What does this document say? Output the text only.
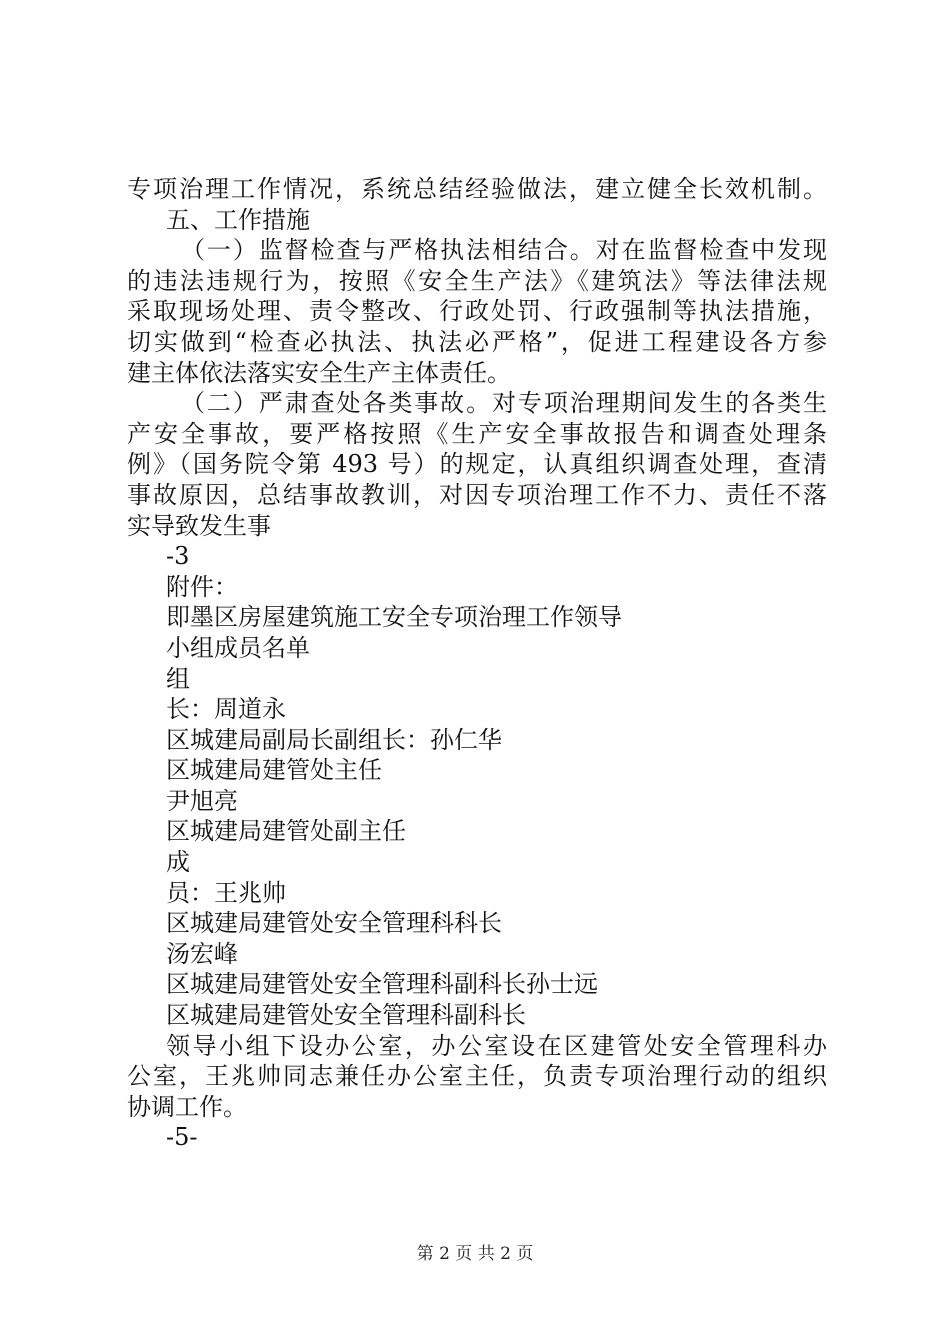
专项治理工作情况，系统总结经验做法，建立健全长效机制。
五、工作措施
（一）监督检查与严格执法相结合。对在监督检查中发现
的违法违规行为，按照《安全生产法》《建筑法》等法律法规
采取现场处理、责令整改、行政处罚、行政强制等执法措施，
切实做到“检查必执法、执法必严格”，促进工程建设各方参
建主体依法落实安全生产主体责任。
（二）严肃查处各类事故。对专项治理期间发生的各类生
产安全事故，要严格按照《生产安全事故报告和调查处理条
例》（国务院令第 493 号）的规定，认真组织调查处理，查清
事故原因，总结事故教训，对因专项治理工作不力、责任不落
实导致发生事
-3
附件：
即墨区房屋建筑施工安全专项治理工作领导
小组成员名单
组
长：周道永
区城建局副局长副组长：孙仁华
区城建局建管处主任
尹旭亮
区城建局建管处副主任
成
员：王兆帅
区城建局建管处安全管理科科长
汤宏峰
区城建局建管处安全管理科副科长孙士远
区城建局建管处安全管理科副科长
领导小组下设办公室，办公室设在区建管处安全管理科办
公室，王兆帅同志兼任办公室主任，负责专项治理行动的组织
协调工作。
-5-
第 2 页 共 2 页
